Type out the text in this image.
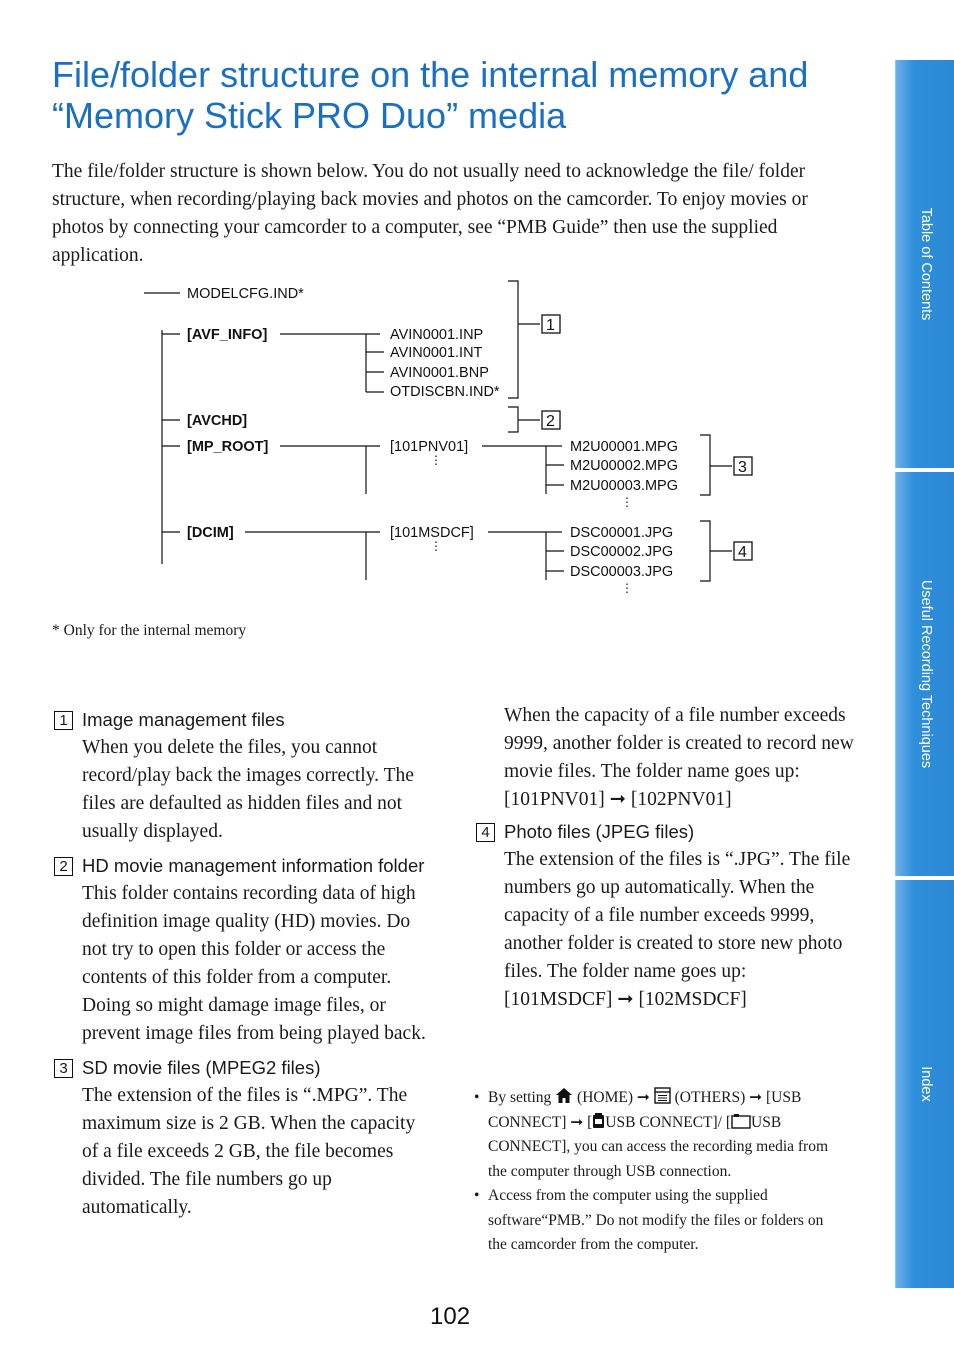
File/folder structure on the internal memory and “Memory Stick PRO Duo” media

The file/folder structure is shown below. You do not usually need to acknowledge the file/ folder structure, when recording/playing back movies and photos on the camcorder. To enjoy movies or photos by connecting your camcorder to a computer, see “PMB Guide” then use the supplied application.

MODELCFG.IND*
[AVF_INFO]
[AVCHD]
[MP_ROOT]
[DCIM]
AVIN0001.INP
AVIN0001.INT
AVIN0001.BNP
OTDISCBN.IND*
1
2
[101PNV01]
⋮
M2U00001.MPG
M2U00002.MPG
M2U00003.MPG
⋮
3
[101MSDCF]
⋮
DSC00001.JPG
DSC00002.JPG
DSC00003.JPG
⋮
4
* Only for the internal memory
1 Image management files

When you delete the files, you cannot record/play back the images correctly. The files are defaulted as hidden files and not usually displayed.

2 HD movie management information folder

This folder contains recording data of high definition image quality (HD) movies. Do not try to open this folder or access the contents of this folder from a computer. Doing so might damage image files, or prevent image files from being played back.

3 SD movie files (MPEG2 files)

The extension of the files is “.MPG”. The maximum size is 2 GB. When the capacity of a file exceeds 2 GB, the file becomes divided. The file numbers go up automatically.

When the capacity of a file number exceeds 9999, another folder is created to record new movie files. The folder name goes up: [101PNV01] ➞ [102PNV01]

4 Photo files (JPEG files)

The extension of the files is “.JPG”. The file numbers go up automatically. When the capacity of a file number exceeds 9999, another folder is created to store new photo files. The folder name goes up: [101MSDCF] ➞ [102MSDCF]

• By setting (HOME) ➞ (OTHERS) ➞ [USB CONNECT] ➞ [ USB CONNECT]/ [ USB CONNECT], you can access the recording media from the computer through USB connection.
• Access from the computer using the supplied software“PMB.” Do not modify the files or folders on the camcorder from the computer.
102
Table of Contents
Useful Recording Techniques
Index
